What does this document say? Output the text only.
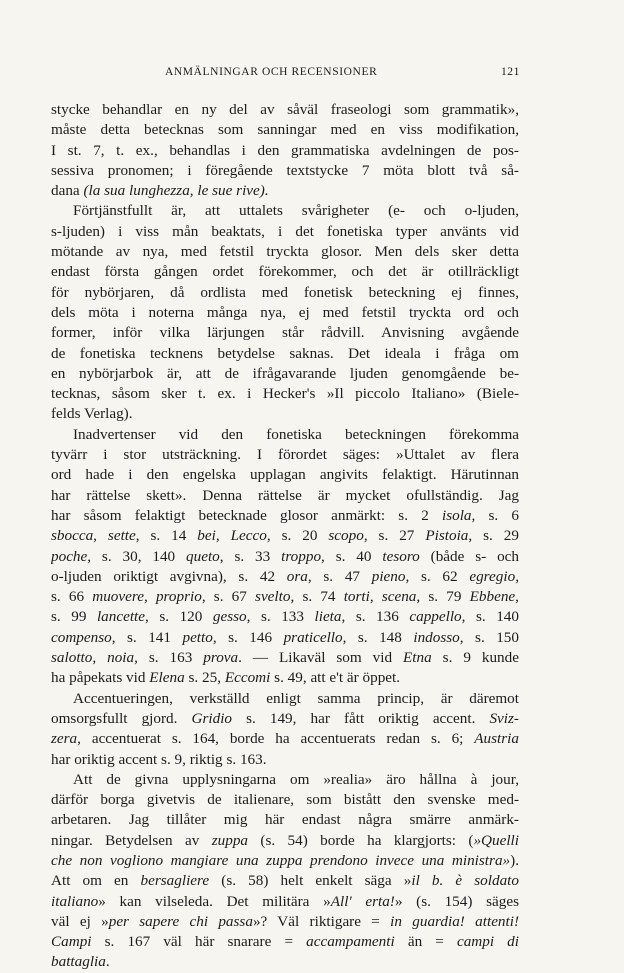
ANMÄLNINGAR OCH RECENSIONER	121
stycke behandlar en ny del av såväl fraseologi som grammatik»,
måste detta betecknas som sanningar med en viss modifikation,
I st. 7, t. ex., behandlas i den grammatiska avdelningen de pos-
sessiva pronomen; i föregående textstycke 7 möta blott två så-
dana (la sua lunghezza, le sue rive).
Förtjänstfullt är, att uttalets svårigheter (e- och o-ljuden,
s-ljuden) i viss mån beaktats, i det fonetiska typer använts vid
mötande av nya, med fetstil tryckta glosor. Men dels sker detta
endast första gången ordet förekommer, och det är otillräckligt
för nybörjaren, då ordlista med fonetisk beteckning ej finnes,
dels möta i noterna många nya, ej med fetstil tryckta ord och
former, inför vilka lärjungen står rådvill. Anvisning avgående
de fonetiska tecknens betydelse saknas. Det ideala i fråga om
en nybörjarbok är, att de ifrågavarande ljuden genomgående be-
tecknas, såsom sker t. ex. i Hecker's »Il piccolo Italiano» (Biele-
felds Verlag).
Inadvertenser vid den fonetiska beteckningen förekomma
tyvärr i stor utsträckning. I förordet säges: »Uttalet av flera
ord hade i den engelska upplagan angivits felaktigt. Härutinnan
har rättelse skett». Denna rättelse är mycket ofullständig. Jag
har såsom felaktigt betecknade glosor anmärkt: s. 2 isola, s. 6
sbocca, sette, s. 14 bei, Lecco, s. 20 scopo, s. 27 Pistoia, s. 29
poche, s. 30, 140 queto, s. 33 troppo, s. 40 tesoro (både s- och
o-ljuden oriktigt avgivna), s. 42 ora, s. 47 pieno, s. 62 egregio,
s. 66 muovere, proprio, s. 67 svelto, s. 74 torti, scena, s. 79 Ebbene,
s. 99 lancette, s. 120 gesso, s. 133 lieta, s. 136 cappello, s. 140
compenso, s. 141 petto, s. 146 praticello, s. 148 indosso, s. 150
salotto, noia, s. 163 prova. — Likaväl som vid Etna s. 9 kunde
ha påpekats vid Elena s. 25, Eccomi s. 49, att e't är öppet.
Accentueringen, verkställd enligt samma princip, är däremot
omsorgsfullt gjord. Gridio s. 149, har fått oriktig accent. Sviz-
zera, accentuerat s. 164, borde ha accentuerats redan s. 6; Austria
har oriktig accent s. 9, riktig s. 163.
Att de givna upplysningarna om »realia» äro hållna à jour,
därför borga givetvis de italienare, som bistått den svenske med-
arbetaren. Jag tillåter mig här endast några smärre anmärk-
ningar. Betydelsen av zuppa (s. 54) borde ha klargjorts: (»Quelli
che non vogliono mangiare una zuppa prendono invece una ministra»).
Att om en bersagliere (s. 58) helt enkelt säga »il b. è soldato
italiano» kan vilseleda. Det militära »All' erta!» (s. 154) säges
väl ej »per sapere chi passa»? Väl riktigare = in guardia! attenti!
Campi s. 167 väl här snarare = accampamenti än = campi di
battaglia.
